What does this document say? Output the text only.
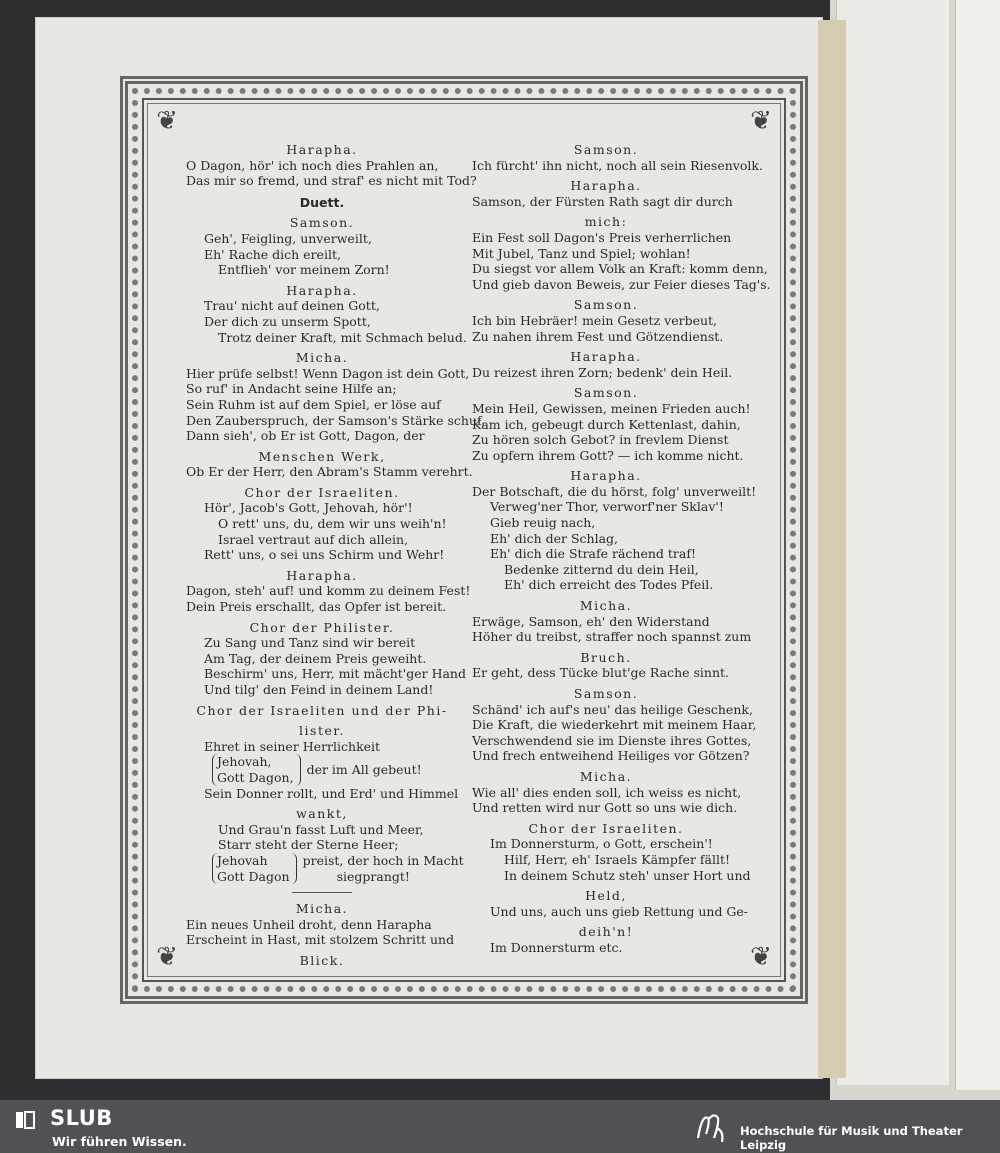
❦	❦
❦	❦
Harapha.
O Dagon, hör' ich noch dies Prahlen an,
Das mir so fremd, und straf' es nicht mit Tod?
Duett.
Samson.
Geh', Feigling, unverweilt,
Eh' Rache dich ereilt,
Entflieh' vor meinem Zorn!
Harapha.
Trau' nicht auf deinen Gott,
Der dich zu unserm Spott,
Trotz deiner Kraft, mit Schmach belud.
Micha.
Hier prüfe selbst! Wenn Dagon ist dein Gott,
So ruf' in Andacht seine Hilfe an;
Sein Ruhm ist auf dem Spiel, er löse auf
Den Zauberspruch, der Samson's Stärke schuf.
Dann sieh', ob Er ist Gott, Dagon, der
Menschen Werk,
Ob Er der Herr, den Abram's Stamm verehrt.
Chor der Israeliten.
Hör', Jacob's Gott, Jehovah, hör'!
O rett' uns, du, dem wir uns weih'n!
Israel vertraut auf dich allein,
Rett' uns, o sei uns Schirm und Wehr!
Harapha.
Dagon, steh' auf! und komm zu deinem Fest!
Dein Preis erschallt, das Opfer ist bereit.
Chor der Philister.
Zu Sang und Tanz sind wir bereit
Am Tag, der deinem Preis geweiht.
Beschirm' uns, Herr, mit mächt'ger Hand
Und tilg' den Feind in deinem Land!
Chor der Israeliten und der Phi-
lister.
Ehret in seiner Herrlichkeit
Jehovah,
Gott Dagon,
der im All gebeut!
Sein Donner rollt, und Erd' und Himmel
wankt,
Und Grau'n fasst Luft und Meer,
Starr steht der Sterne Heer;
Jehovah
Gott Dagon
preist, der hoch in Macht
siegprangt!
Micha.
Ein neues Unheil droht, denn Harapha
Erscheint in Hast, mit stolzem Schritt und
Blick.
Samson.
Ich fürcht' ihn nicht, noch all sein Riesenvolk.
Harapha.
Samson, der Fürsten Rath sagt dir durch
mich:
Ein Fest soll Dagon's Preis verherrlichen
Mit Jubel, Tanz und Spiel; wohlan!
Du siegst vor allem Volk an Kraft: komm denn,
Und gieb davon Beweis, zur Feier dieses Tag's.
Samson.
Ich bin Hebräer! mein Gesetz verbeut,
Zu nahen ihrem Fest und Götzendienst.
Harapha.
Du reizest ihren Zorn; bedenk' dein Heil.
Samson.
Mein Heil, Gewissen, meinen Frieden auch!
Kam ich, gebeugt durch Kettenlast, dahin,
Zu hören solch Gebot? in frevlem Dienst
Zu opfern ihrem Gott? — ich komme nicht.
Harapha.
Der Botschaft, die du hörst, folg' unverweilt!
Verweg'ner Thor, verworf'ner Sklav'!
Gieb reuig nach,
Eh' dich der Schlag,
Eh' dich die Strafe rächend traf!
Bedenke zitternd du dein Heil,
Eh' dich erreicht des Todes Pfeil.
Micha.
Erwäge, Samson, eh' den Widerstand
Höher du treibst, straffer noch spannst zum
Bruch.
Er geht, dess Tücke blut'ge Rache sinnt.
Samson.
Schänd' ich auf's neu' das heilige Geschenk,
Die Kraft, die wiederkehrt mit meinem Haar,
Verschwendend sie im Dienste ihres Gottes,
Und frech entweihend Heiliges vor Götzen?
Micha.
Wie all' dies enden soll, ich weiss es nicht,
Und retten wird nur Gott so uns wie dich.
Chor der Israeliten.
Im Donnersturm, o Gott, erschein'!
Hilf, Herr, eh' Israels Kämpfer fällt!
In deinem Schutz steh' unser Hort und
Held,
Und uns, auch uns gieb Rettung und Ge-
deih'n!
Im Donnersturm etc.
SLUB
Wir führen Wissen.
Hochschule für Musik und Theater Leipzig
